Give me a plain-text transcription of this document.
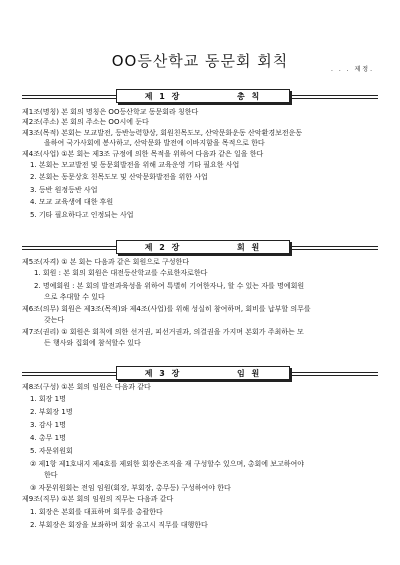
OO등산학교 동문회 회칙	. . . 제정.
제 1 장	총 칙
제1조(명칭) 본 회의 명칭은 OO등산학교 동문회라 칭한다
제2조(주소) 본 회의 주소는 OO시에 둔다
제3조(목적) 본회는 모교발전, 등반능력향상, 회원친목도모, 산악문화운동 산악환경보전운동
을하여 국가사회에 봉사하고, 산악문화 발전에 이바지함을 목적으로 한다
제4조(사업) ①본 회는 제3조 규정에 의한 목적을 위하여 다음과 같은 일을 한다
1. 본회는 모교발전 및 동문회발전을 위해 교육운영 기타 필요한 사업
2. 본회는 동문상호 친목도모 및 산악문화발전을 위한 사업
3. 등반 원정등반 사업
4. 모교 교육생에 대한 후원
5. 기타 필요하다고 인정되는 사업
제 2 장	회 원
제5조(자격) ① 본 회는 다음과 같은 회원으로 구성한다
1. 회원 : 본 회의 회원은 대전등산학교를 수료한자로한다
2. 명예회원 : 본 회의 발전과육성을 위하여 특별히 기여한자나, 할 수 있는 자를 명예회원
으로 추대할 수 있다
제6조(의무) 회원은 제3조(목적)와 제4조(사업)를 위해 성실히 참여하며, 회비를 납부할 의무를
갖는다
제7조(권리) ① 회원은 회칙에 의한 선거권, 피선거권과, 의결권을 가지며 본회가 주최하는 모
든 행사와 집회에 참석할수 있다
제 3 장	임 원
제8조(구성) ①본 회의 임원은 다음과 같다
1. 회장 1명
2. 부회장 1명
3. 감사 1명
4. 총무 1명
5. 자문위원회
② 제1항 제1호내지 제4호를 제외한 회장은조직을 재 구성할수 있으며, 총회에 보고하여야
한다
③ 자문위원회는 전임 임원(회장, 부회장, 총무등) 구성하여야 한다
제9조(직무) ①본 회의 임원의 직무는 다음과 같다
1. 회장은 본회를 대표하며 회무를 총괄한다
2. 부회장은 회장을 보좌하며 회장 유고시 직무를 대행한다
